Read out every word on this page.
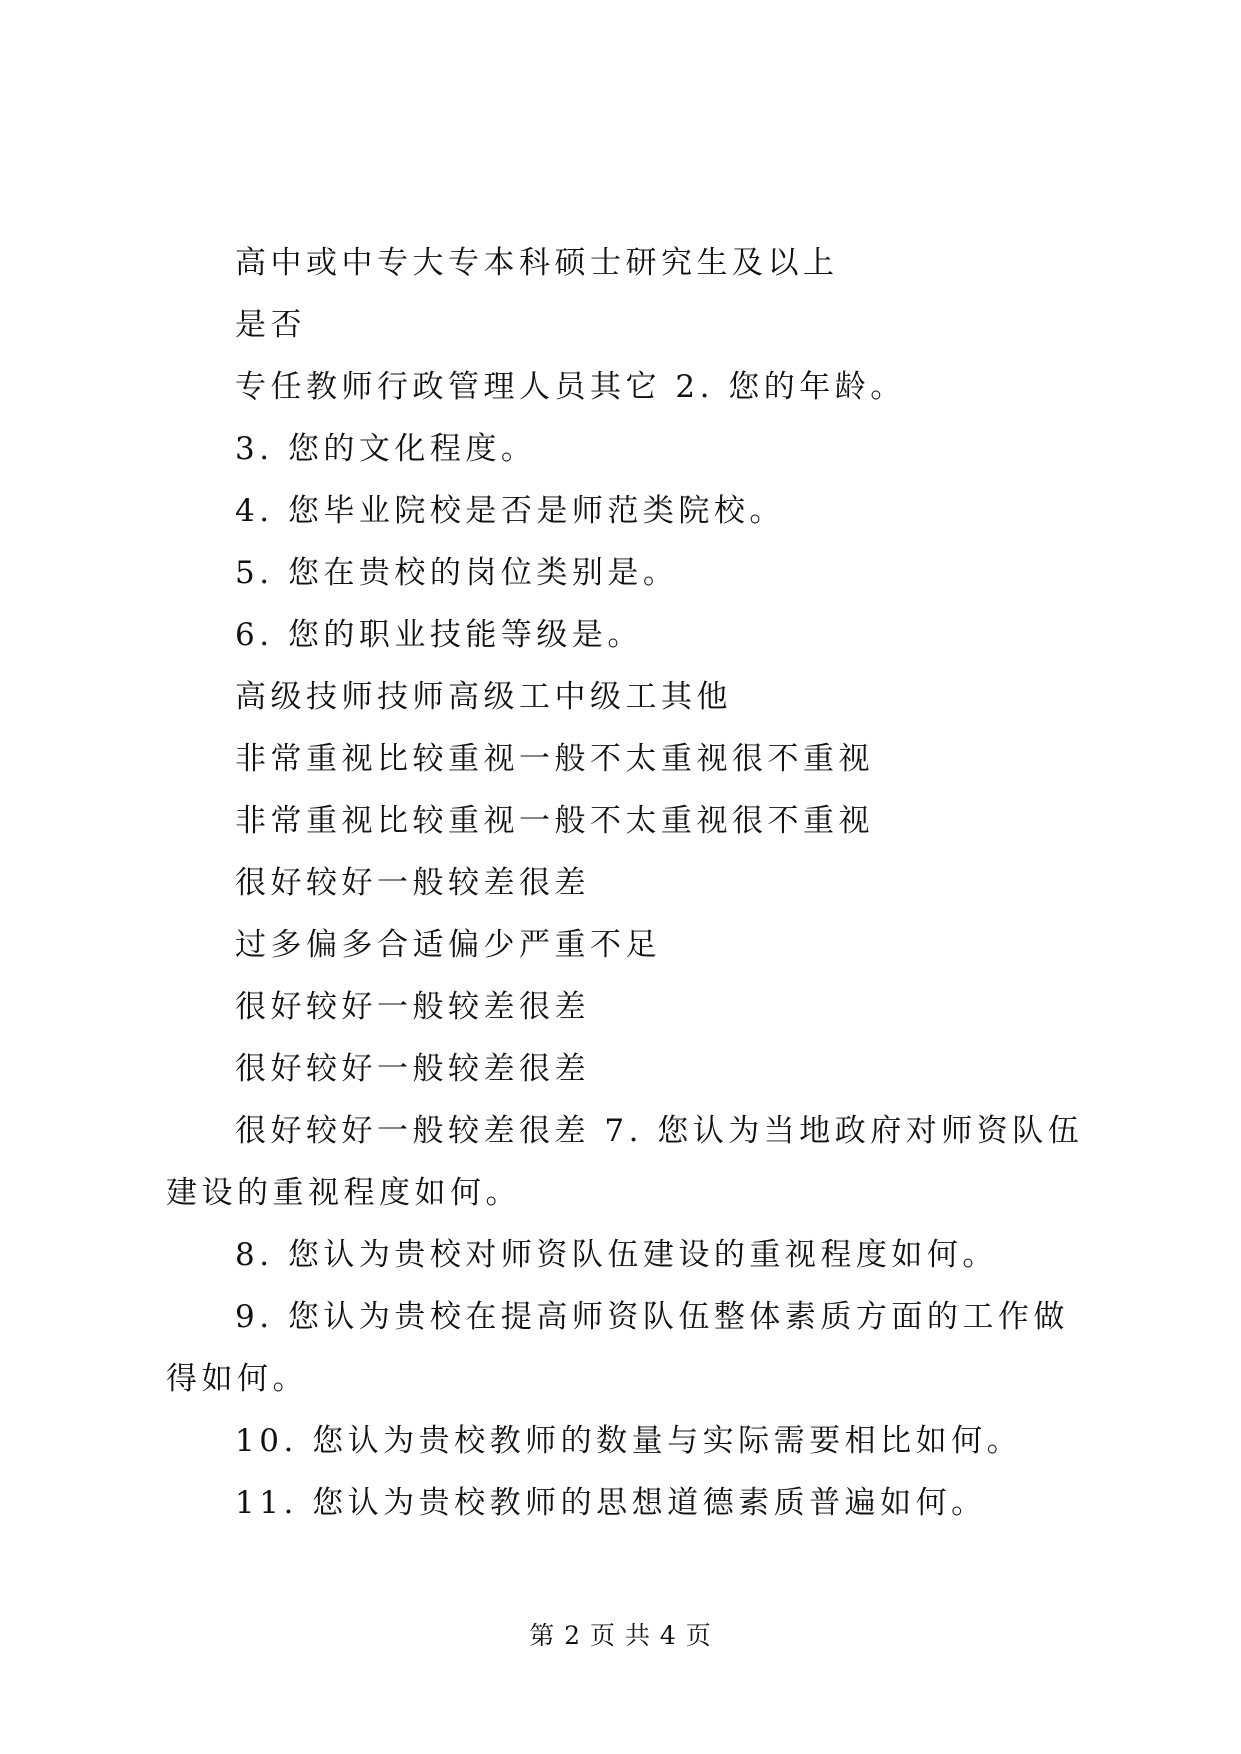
高中或中专大专本科硕士研究生及以上

是否

专任教师行政管理人员其它 2. 您的年龄。

3. 您的文化程度。

4. 您毕业院校是否是师范类院校。

5. 您在贵校的岗位类别是。

6. 您的职业技能等级是。

高级技师技师高级工中级工其他

非常重视比较重视一般不太重视很不重视

非常重视比较重视一般不太重视很不重视

很好较好一般较差很差

过多偏多合适偏少严重不足

很好较好一般较差很差

很好较好一般较差很差

很好较好一般较差很差 7. 您认为当地政府对师资队伍建设的重视程度如何。

8. 您认为贵校对师资队伍建设的重视程度如何。

9. 您认为贵校在提高师资队伍整体素质方面的工作做得如何。

10. 您认为贵校教师的数量与实际需要相比如何。

11. 您认为贵校教师的思想道德素质普遍如何。

第 2 页 共 4 页
